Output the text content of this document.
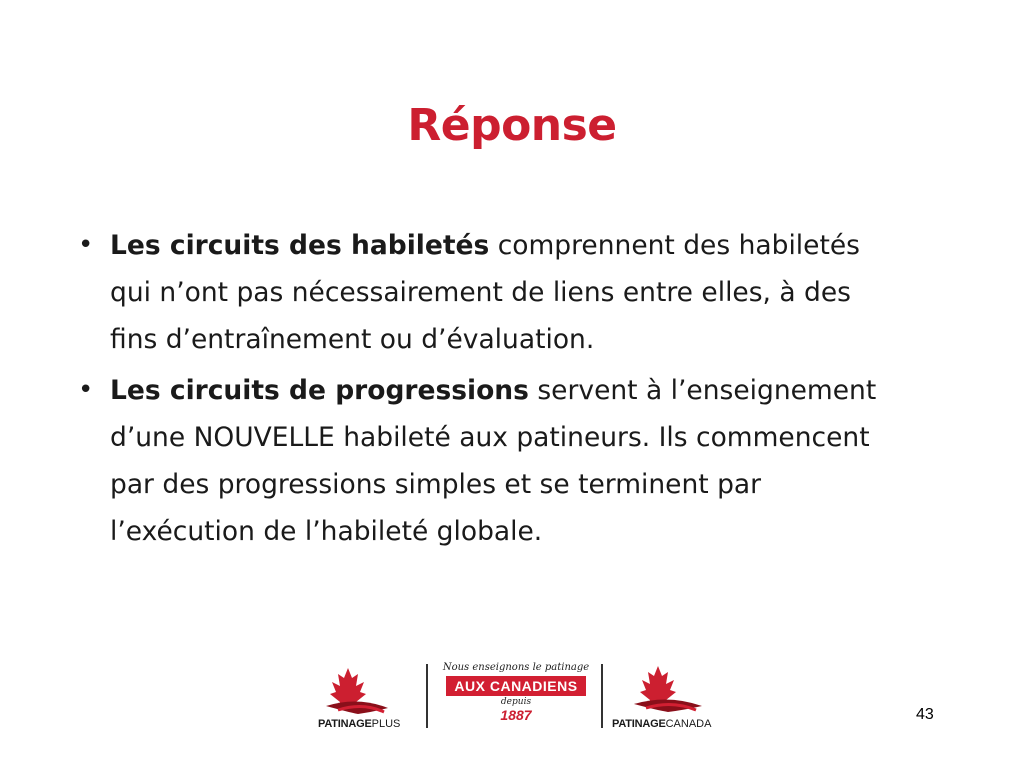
Réponse
• Les circuits des habiletés comprennent des habiletés qui n’ont pas nécessairement de liens entre elles, à des fins d’entraînement ou d’évaluation.
• Les circuits de progressions servent à l’enseignement d’une NOUVELLE habileté aux patineurs. Ils commencent par des progressions simples et se terminent par l’exécution de l’habileté globale.
PATINAGEPLUS
Nous enseignons le patinage
AUX CANADIENS
depuis
1887
PATINAGECANADA
43
